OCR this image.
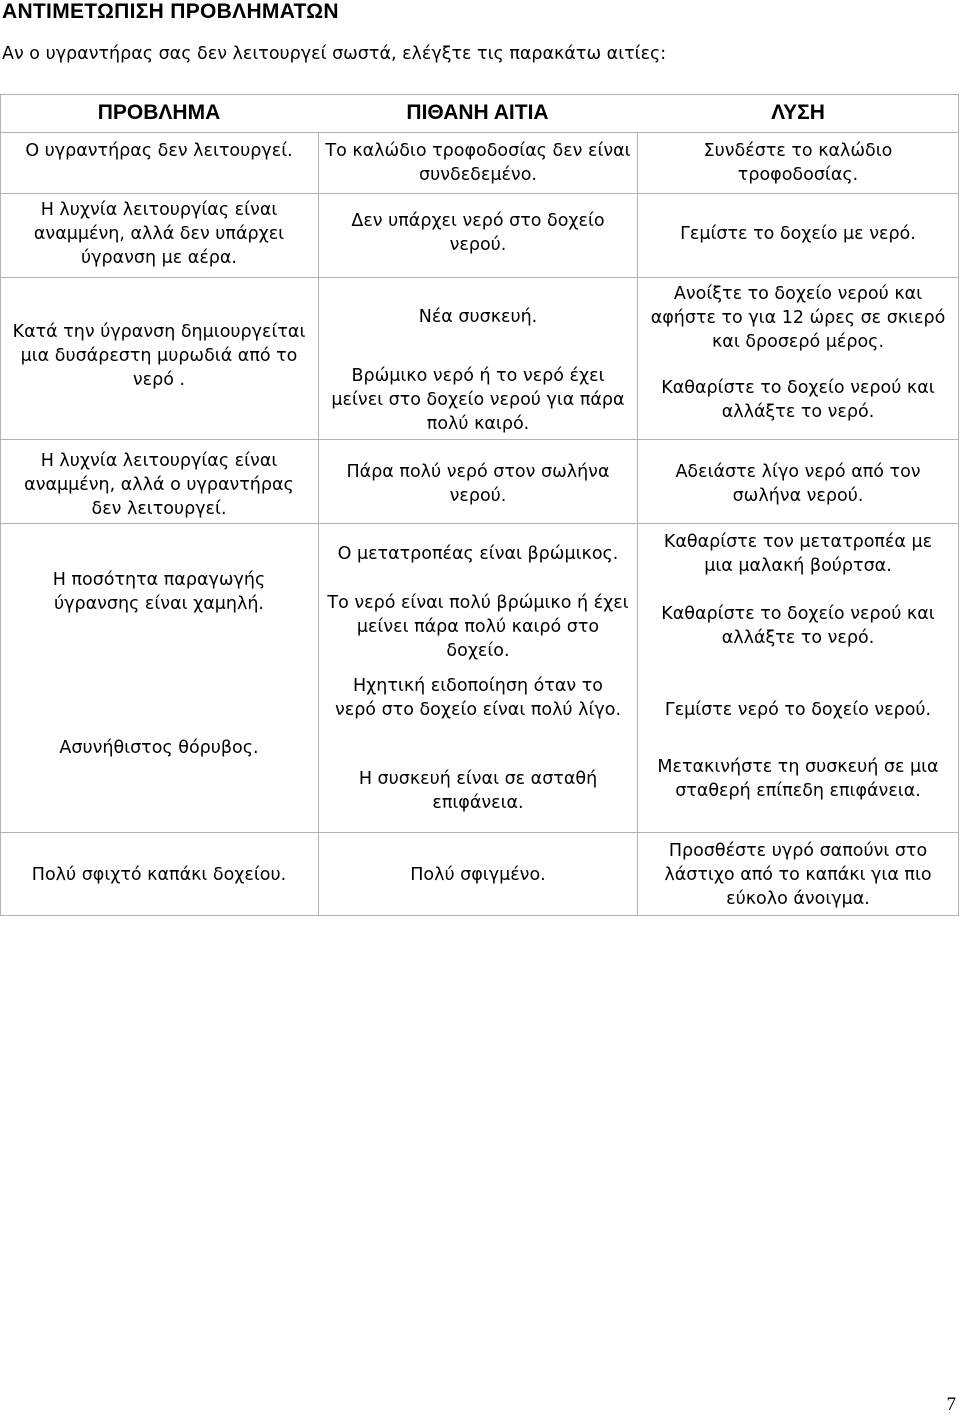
ΑΝΤΙΜΕΤΩΠΙΣΗ ΠΡΟΒΛΗΜΑΤΩΝ
Αν ο υγραντήρας σας δεν λειτουργεί σωστά, ελέγξτε τις παρακάτω αιτίες:
ΠΡΟΒΛΗΜΑ	ΠΙΘΑΝΗ ΑΙΤΙΑ	ΛΥΣΗ
Ο υγραντήρας δεν λειτουργεί.
Η λυχνία λειτουργίας είναι αναμμένη, αλλά δεν υπάρχει ύγρανση με αέρα.
Κατά την ύγρανση δημιουργείται μια δυσάρεστη μυρωδιά από το νερό .
Η λυχνία λειτουργίας είναι αναμμένη, αλλά ο υγραντήρας δεν λειτουργεί.
Η ποσότητα παραγωγής ύγρανσης είναι χαμηλή.
Ασυνήθιστος θόρυβος.
Πολύ σφιχτό καπάκι δοχείου.
Το καλώδιο τροφοδοσίας δεν είναι συνδεδεμένο.
Δεν υπάρχει νερό στο δοχείο νερού.
Νέα συσκευή.
Βρώμικο νερό ή το νερό έχει μείνει στο δοχείο νερού για πάρα πολύ καιρό.
Πάρα πολύ νερό στον σωλήνα νερού.
Ο μετατροπέας είναι βρώμικος.
Το νερό είναι πολύ βρώμικο ή έχει μείνει πάρα πολύ καιρό στο δοχείο.
Ηχητική ειδοποίηση όταν το νερό στο δοχείο είναι πολύ λίγο.
Η συσκευή είναι σε ασταθή επιφάνεια.
Πολύ σφιγμένο.
Συνδέστε το καλώδιο τροφοδοσίας.
Γεμίστε το δοχείο με νερό.
Ανοίξτε το δοχείο νερού και αφήστε το για 12 ώρες σε σκιερό και δροσερό μέρος.
Καθαρίστε το δοχείο νερού και αλλάξτε το νερό.
Αδειάστε λίγο νερό από τον σωλήνα νερού.
Καθαρίστε τον μετατροπέα με μια μαλακή βούρτσα.
Καθαρίστε το δοχείο νερού και αλλάξτε το νερό.
Γεμίστε νερό το δοχείο νερού.
Μετακινήστε τη συσκευή σε μια σταθερή επίπεδη επιφάνεια.
Προσθέστε υγρό σαπούνι στο λάστιχο από το καπάκι για πιο εύκολο άνοιγμα.
7
